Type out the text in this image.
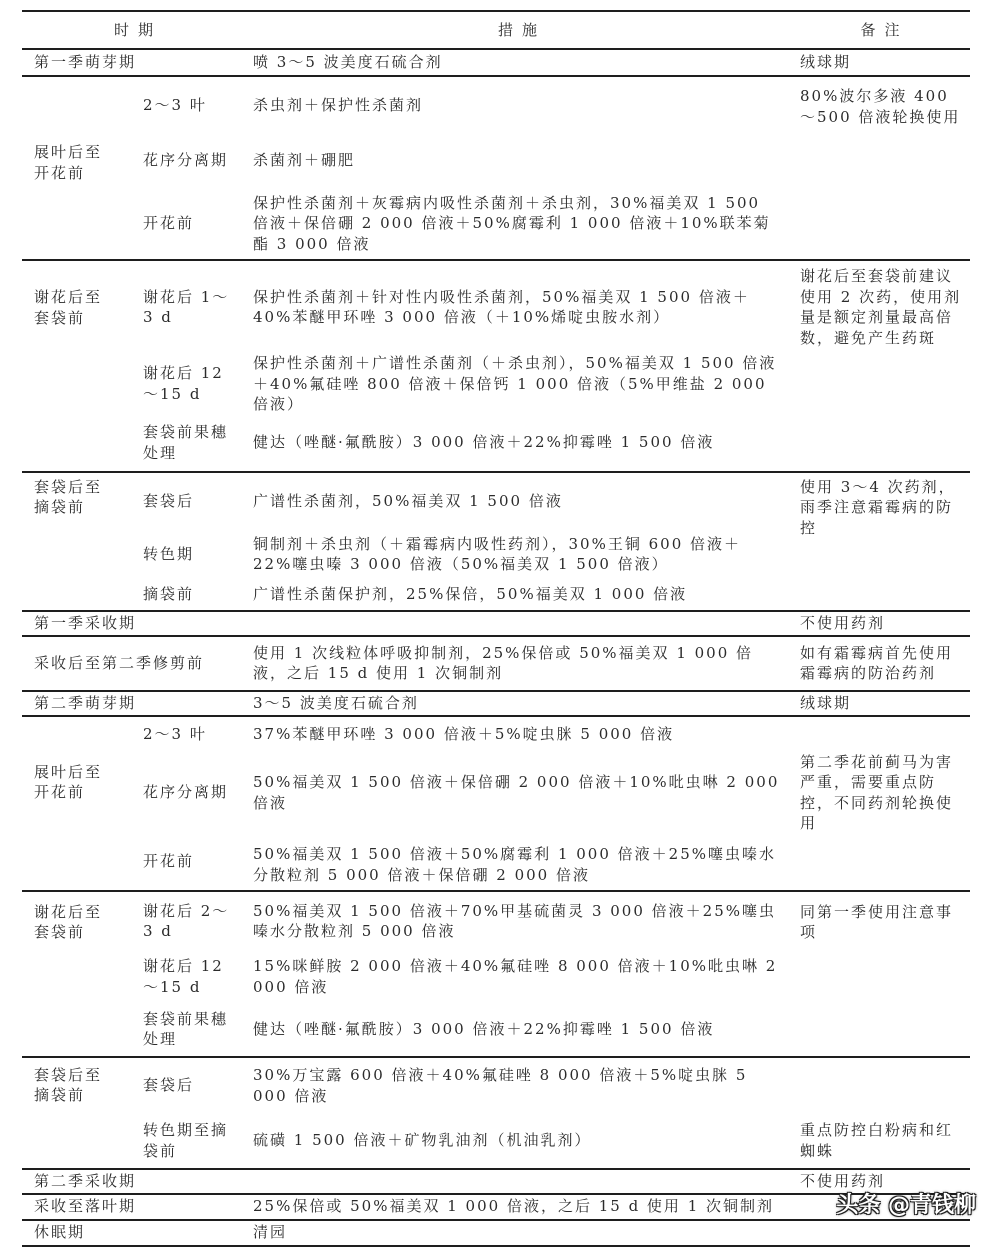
时期		措施	备注
第一季萌芽期		喷 3～5 波美度石硫合剂	绒球期
展叶后至开花前	2～3 叶	杀虫剂＋保护性杀菌剂	80%波尔多液 400～500 倍液轮换使用
	花序分离期	杀菌剂＋硼肥	
	开花前	保护性杀菌剂＋灰霉病内吸性杀菌剂＋杀虫剂，30%福美双 1 500 倍液＋保倍硼 2 000 倍液＋50%腐霉利 1 000 倍液＋10%联苯菊酯 3 000 倍液	
谢花后至套袋前	谢花后 1～3 d	保护性杀菌剂＋针对性内吸性杀菌剂，50%福美双 1 500 倍液＋40%苯醚甲环唑 3 000 倍液（＋10%烯啶虫胺水剂）	谢花后至套袋前建议使用 2 次药，使用剂量是额定剂量最高倍数，避免产生药斑
	谢花后 12～15 d	保护性杀菌剂＋广谱性杀菌剂（＋杀虫剂），50%福美双 1 500 倍液＋40%氟硅唑 800 倍液＋保倍钙 1 000 倍液（5%甲维盐 2 000 倍液）	
	套袋前果穗处理	健达（唑醚·氟酰胺）3 000 倍液＋22%抑霉唑 1 500 倍液	
套袋后至摘袋前	套袋后	广谱性杀菌剂，50%福美双 1 500 倍液	使用 3～4 次药剂，雨季注意霜霉病的防控
	转色期	铜制剂＋杀虫剂（＋霜霉病内吸性药剂），30%王铜 600 倍液＋22%噻虫嗪 3 000 倍液（50%福美双 1 500 倍液）	
	摘袋前	广谱性杀菌保护剂，25%保倍，50%福美双 1 000 倍液	
第一季采收期			不使用药剂
采收后至第二季修剪前		使用 1 次线粒体呼吸抑制剂，25%保倍或 50%福美双 1 000 倍液，之后 15 d 使用 1 次铜制剂	如有霜霉病首先使用霜霉病的防治药剂
第二季萌芽期		3～5 波美度石硫合剂	绒球期
展叶后至开花前	2～3 叶	37%苯醚甲环唑 3 000 倍液＋5%啶虫脒 5 000 倍液	
	花序分离期	50%福美双 1 500 倍液＋保倍硼 2 000 倍液＋10%吡虫啉 2 000 倍液	第二季花前蓟马为害严重，需要重点防控，不同药剂轮换使用
	开花前	50%福美双 1 500 倍液＋50%腐霉利 1 000 倍液＋25%噻虫嗪水分散粒剂 5 000 倍液＋保倍硼 2 000 倍液	
谢花后至套袋前	谢花后 2～3 d	50%福美双 1 500 倍液＋70%甲基硫菌灵 3 000 倍液＋25%噻虫嗪水分散粒剂 5 000 倍液	同第一季使用注意事项
	谢花后 12～15 d	15%咪鲜胺 2 000 倍液＋40%氟硅唑 8 000 倍液＋10%吡虫啉 2 000 倍液	
	套袋前果穗处理	健达（唑醚·氟酰胺）3 000 倍液＋22%抑霉唑 1 500 倍液	
套袋后至摘袋前	套袋后	30%万宝露 600 倍液＋40%氟硅唑 8 000 倍液＋5%啶虫脒 5 000 倍液	
	转色期至摘袋前	硫磺 1 500 倍液＋矿物乳油剂（机油乳剂）	重点防控白粉病和红蜘蛛
第二季采收期			不使用药剂
采收至落叶期		25%保倍或 50%福美双 1 000 倍液，之后 15 d 使用 1 次铜制剂	
休眠期		清园	
头条 @青钱柳
